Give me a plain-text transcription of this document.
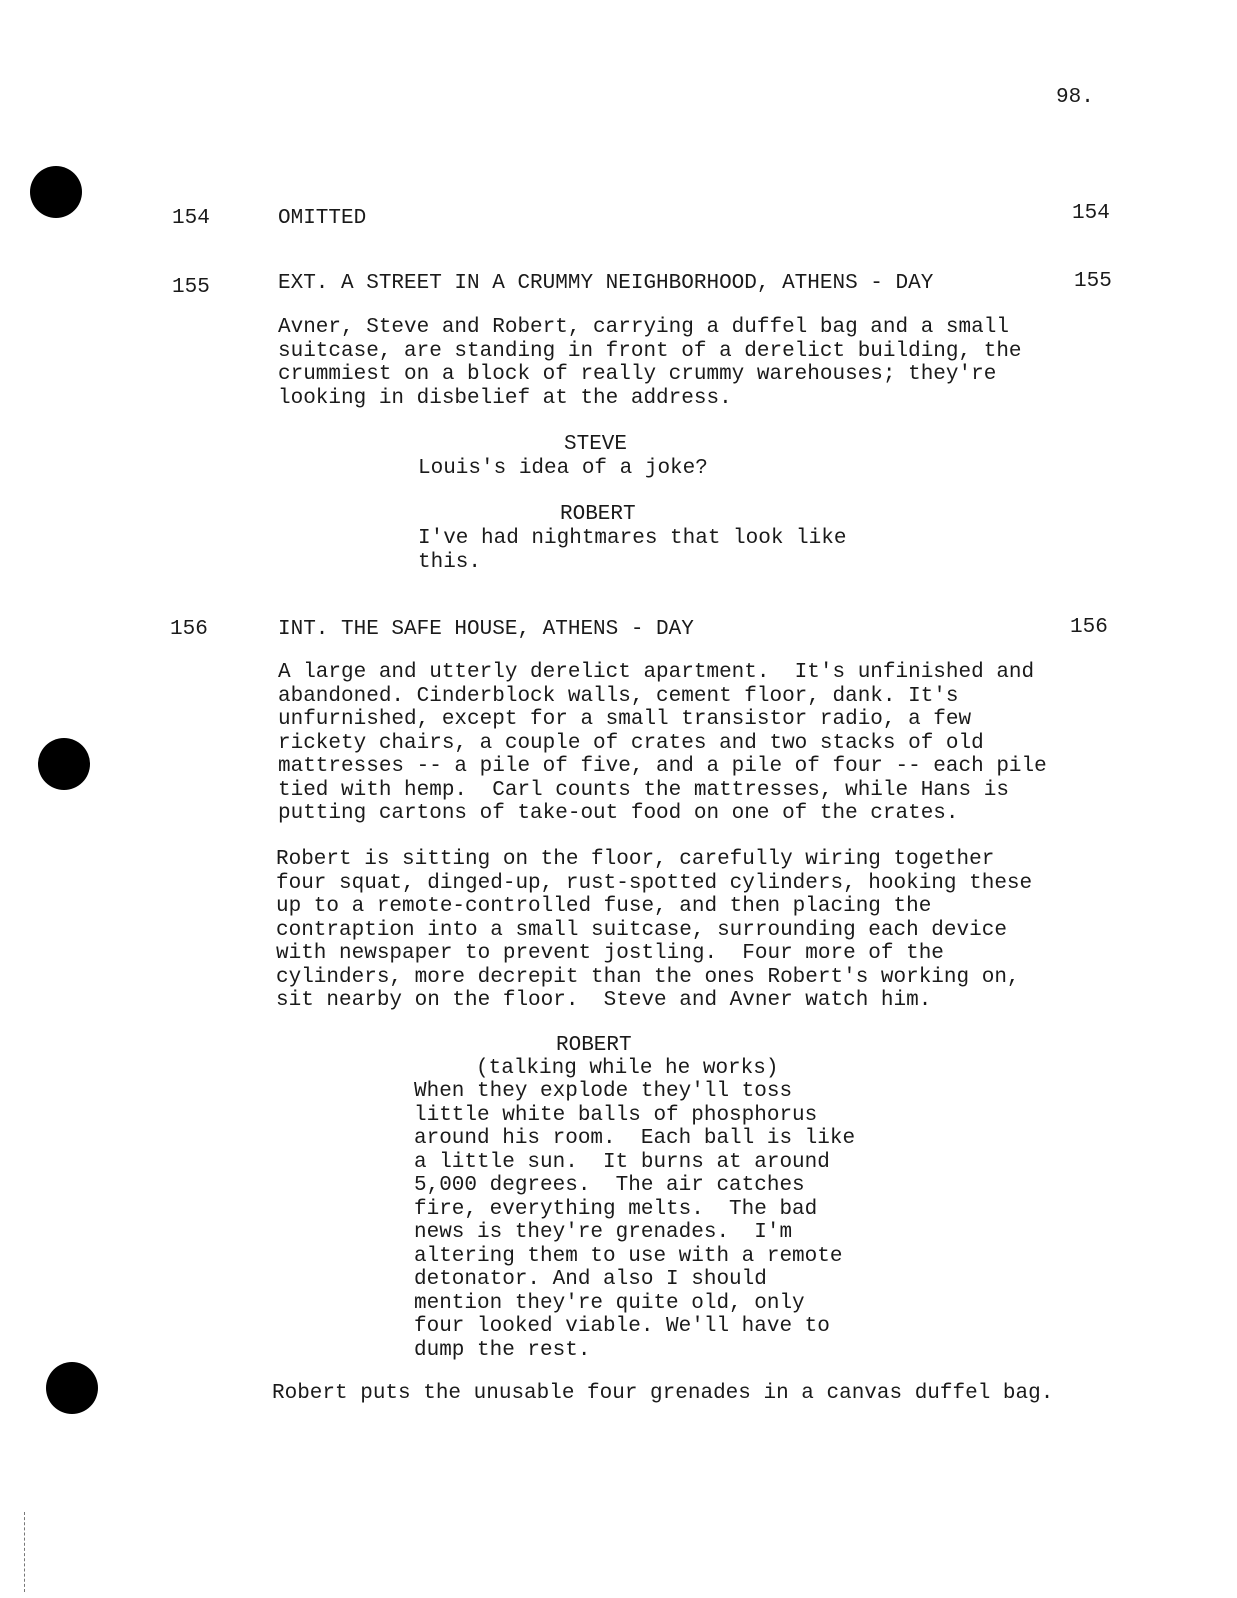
98.
154	OMITTED	154
155	EXT. A STREET IN A CRUMMY NEIGHBORHOOD, ATHENS - DAY	155
Avner, Steve and Robert, carrying a duffel bag and a small
suitcase, are standing in front of a derelict building, the
crummiest on a block of really crummy warehouses; they're
looking in disbelief at the address.
STEVE
Louis's idea of a joke?
ROBERT
I've had nightmares that look like
this.
156	INT. THE SAFE HOUSE, ATHENS - DAY	156
A large and utterly derelict apartment.  It's unfinished and
abandoned. Cinderblock walls, cement floor, dank. It's
unfurnished, except for a small transistor radio, a few
rickety chairs, a couple of crates and two stacks of old
mattresses -- a pile of five, and a pile of four -- each pile
tied with hemp.  Carl counts the mattresses, while Hans is
putting cartons of take-out food on one of the crates.
Robert is sitting on the floor, carefully wiring together
four squat, dinged-up, rust-spotted cylinders, hooking these
up to a remote-controlled fuse, and then placing the
contraption into a small suitcase, surrounding each device
with newspaper to prevent jostling.  Four more of the
cylinders, more decrepit than the ones Robert's working on,
sit nearby on the floor.  Steve and Avner watch him.
ROBERT
(talking while he works)
When they explode they'll toss
little white balls of phosphorus
around his room.  Each ball is like
a little sun.  It burns at around
5,000 degrees.  The air catches
fire, everything melts.  The bad
news is they're grenades.  I'm
altering them to use with a remote
detonator. And also I should
mention they're quite old, only
four looked viable. We'll have to
dump the rest.
Robert puts the unusable four grenades in a canvas duffel bag.
